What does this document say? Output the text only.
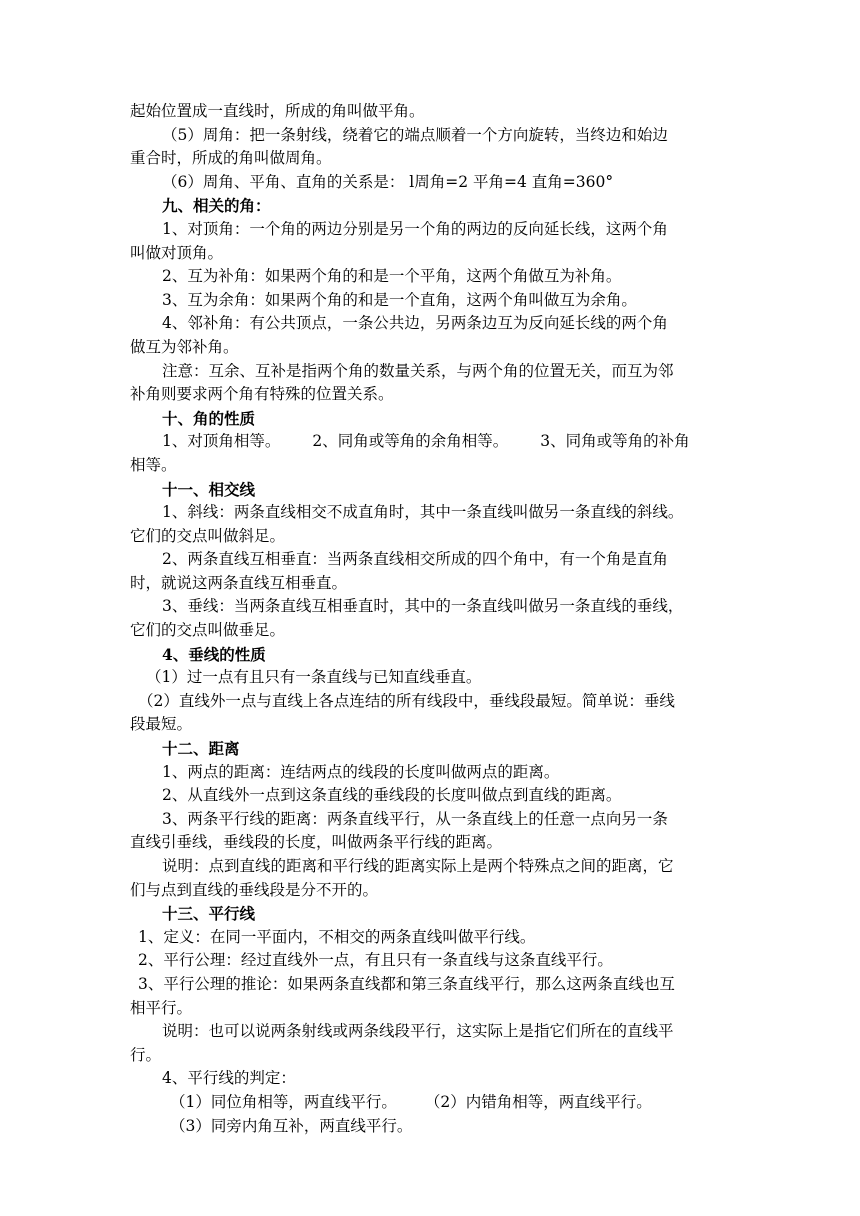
起始位置成一直线时，所成的角叫做平角。
（5）周角：把一条射线，绕着它的端点顺着一个方向旋转，当终边和始边
重合时，所成的角叫做周角。
（6）周角、平角、直角的关系是： l周角=2 平角=4 直角=360°
九、相关的角：
1、对顶角：一个角的两边分别是另一个角的两边的反向延长线，这两个角
叫做对顶角。
2、互为补角：如果两个角的和是一个平角，这两个角做互为补角。
3、互为余角：如果两个角的和是一个直角，这两个角叫做互为余角。
4、邻补角：有公共顶点，一条公共边，另两条边互为反向延长线的两个角
做互为邻补角。
注意：互余、互补是指两个角的数量关系，与两个角的位置无关，而互为邻
补角则要求两个角有特殊的位置关系。
十、角的性质
1、对顶角相等。 2、同角或等角的余角相等。 3、同角或等角的补角
相等。
十一、相交线
1、斜线：两条直线相交不成直角时，其中一条直线叫做另一条直线的斜线。
它们的交点叫做斜足。
2、两条直线互相垂直：当两条直线相交所成的四个角中，有一个角是直角
时，就说这两条直线互相垂直。
3、垂线：当两条直线互相垂直时，其中的一条直线叫做另一条直线的垂线，
它们的交点叫做垂足。
4、垂线的性质
（1）过一点有且只有一条直线与已知直线垂直。
（2）直线外一点与直线上各点连结的所有线段中，垂线段最短。简单说：垂线
段最短。
十二、距离
1、两点的距离：连结两点的线段的长度叫做两点的距离。
2、从直线外一点到这条直线的垂线段的长度叫做点到直线的距离。
3、两条平行线的距离：两条直线平行，从一条直线上的任意一点向另一条
直线引垂线，垂线段的长度，叫做两条平行线的距离。
说明：点到直线的距离和平行线的距离实际上是两个特殊点之间的距离，它
们与点到直线的垂线段是分不开的。
十三、平行线
1、定义：在同一平面内，不相交的两条直线叫做平行线。
2、平行公理：经过直线外一点，有且只有一条直线与这条直线平行。
3、平行公理的推论：如果两条直线都和第三条直线平行，那么这两条直线也互
相平行。
说明：也可以说两条射线或两条线段平行，这实际上是指它们所在的直线平
行。
4、平行线的判定：
（1）同位角相等，两直线平行。 （2）内错角相等，两直线平行。
（3）同旁内角互补，两直线平行。
